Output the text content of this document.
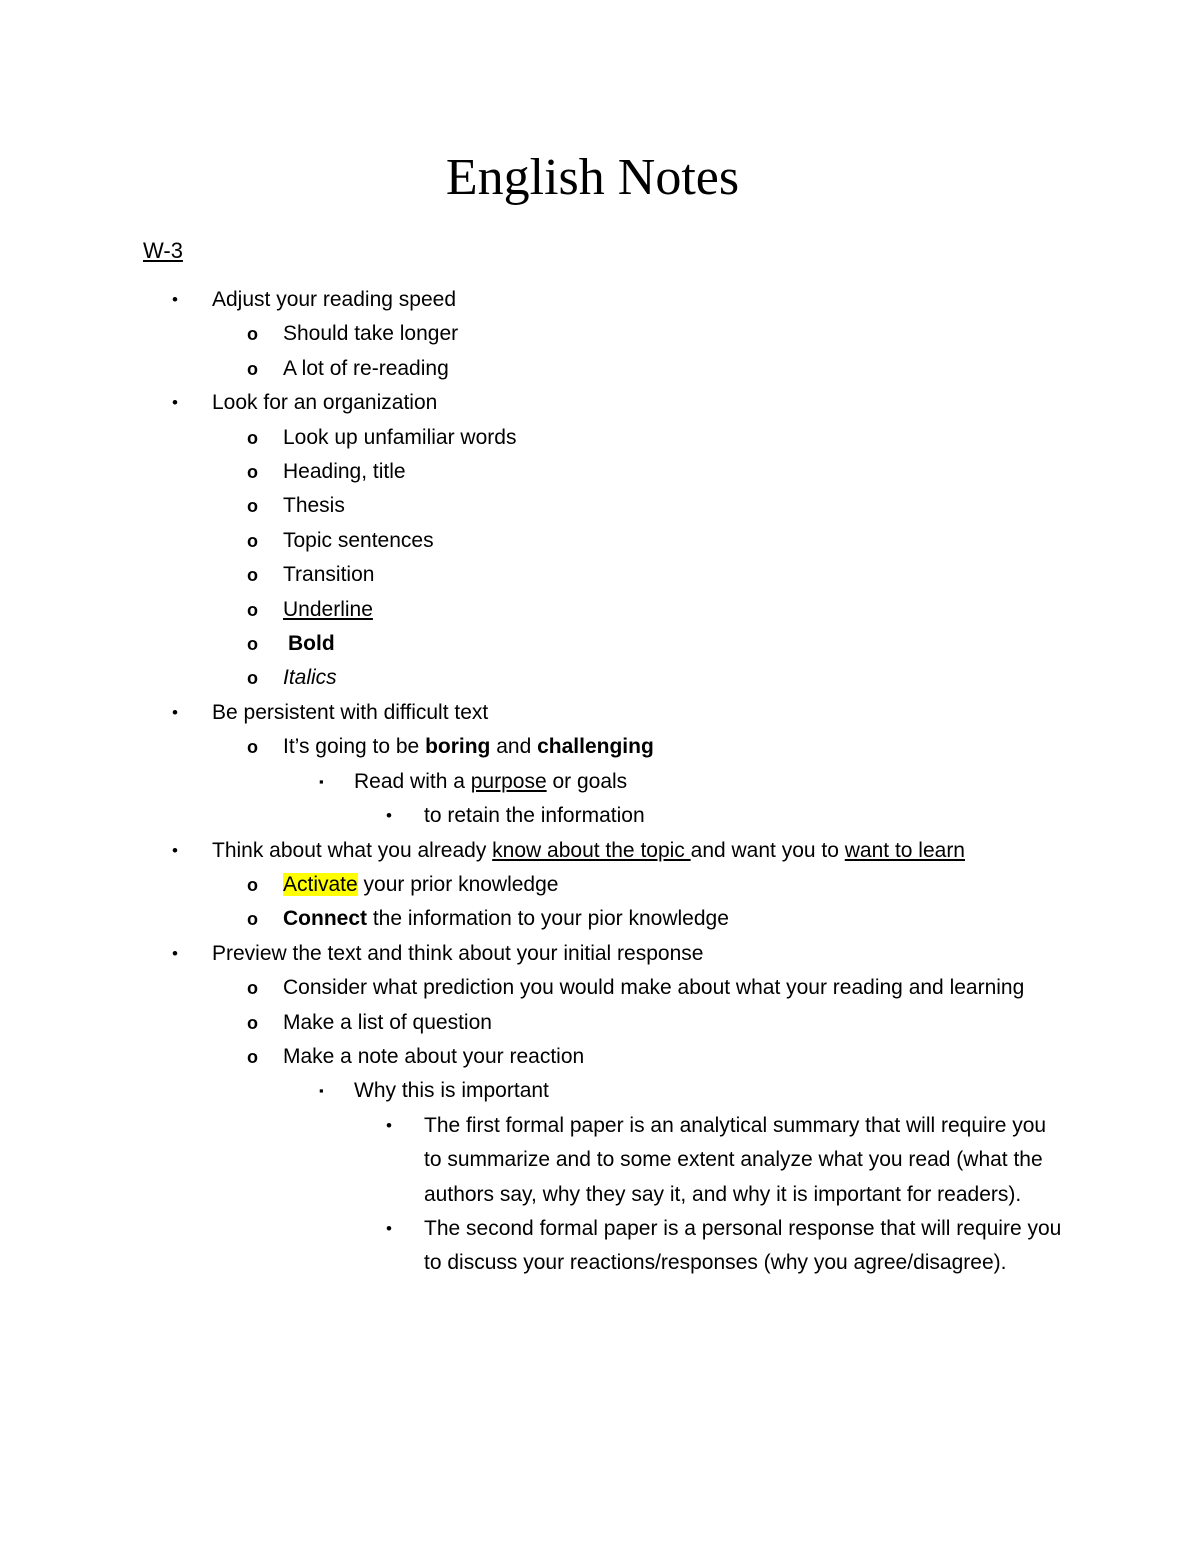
English Notes
W-3
• Adjust your reading speed
o Should take longer
o A lot of re-reading
• Look for an organization
o Look up unfamiliar words
o Heading, title
o Thesis
o Topic sentences
o Transition
o Underline
o Bold
o Italics
• Be persistent with difficult text
o It’s going to be boring and challenging
▪ Read with a purpose or goals
• to retain the information
• Think about what you already know about the topic and want you to want to learn
o Activate your prior knowledge
o Connect the information to your pior knowledge
• Preview the text and think about your initial response
o Consider what prediction you would make about what your reading and learning
o Make a list of question
o Make a note about your reaction
▪ Why this is important
• The first formal paper is an analytical summary that will require you to summarize and to some extent analyze what you read (what the authors say, why they say it, and why it is important for readers).
• The second formal paper is a personal response that will require you to discuss your reactions/responses (why you agree/disagree).
